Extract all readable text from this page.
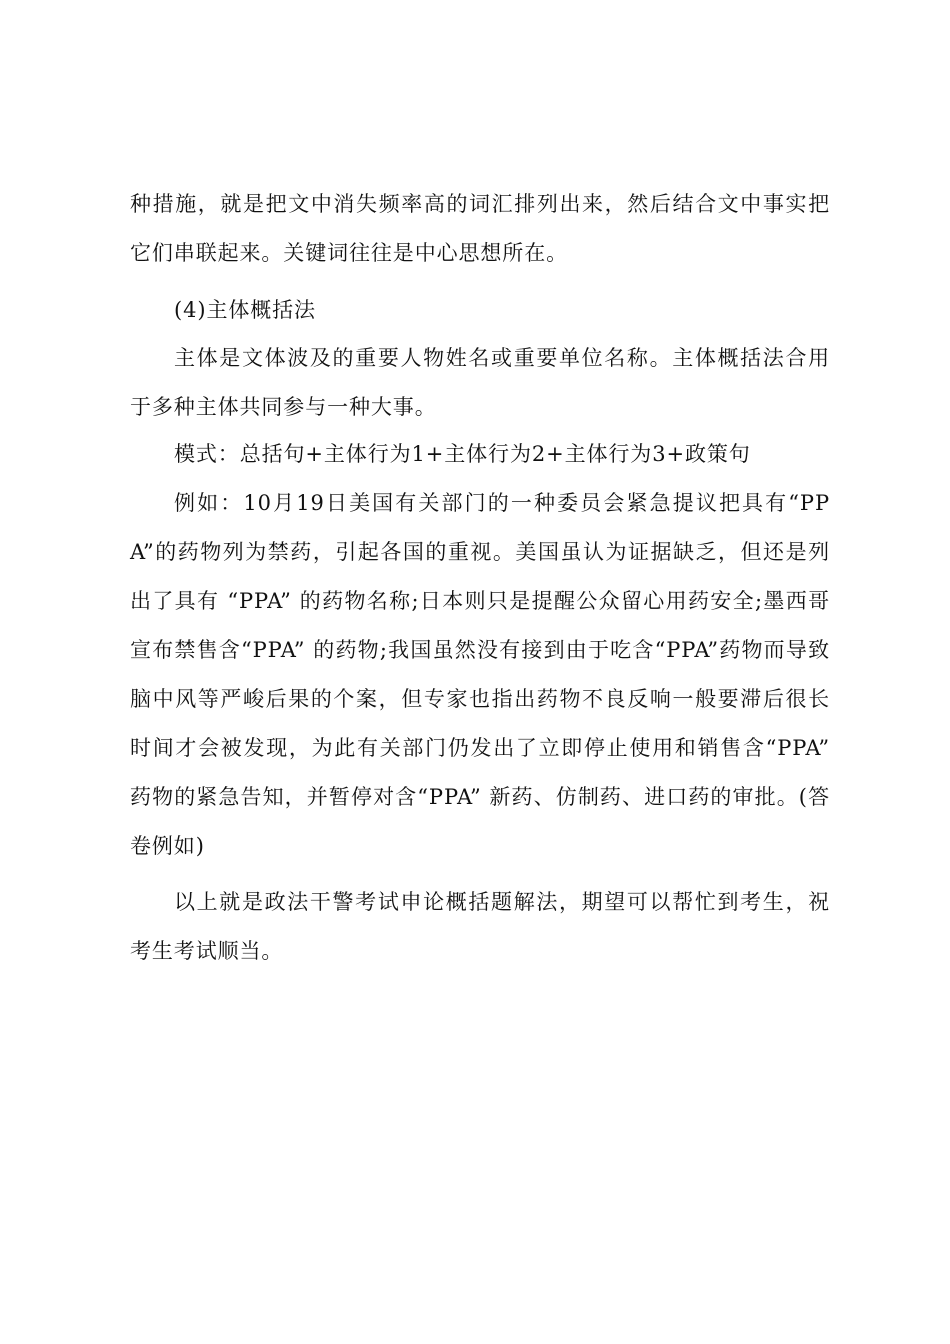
种措施，就是把文中消失频率高的词汇排列出来，然后结合文中事实把它们串联起来。关键词往往是中心思想所在。
(4)主体概括法
主体是文体波及的重要人物姓名或重要单位名称。主体概括法合用于多种主体共同参与一种大事。
模式：总括句+主体行为1+主体行为2+主体行为3+政策句
例如：10月19日美国有关部门的一种委员会紧急提议把具有“PPA”的药物列为禁药，引起各国的重视。美国虽认为证据缺乏，但还是列出了具有 “PPA” 的药物名称;日本则只是提醒公众留心用药安全;墨西哥宣布禁售含“PPA” 的药物;我国虽然没有接到由于吃含“PPA”药物而导致脑中风等严峻后果的个案，但专家也指出药物不良反响一般要滞后很长时间才会被发现，为此有关部门仍发出了立即停止使用和销售含“PPA” 药物的紧急告知，并暂停对含“PPA” 新药、仿制药、进口药的审批。(答卷例如)
以上就是政法干警考试申论概括题解法，期望可以帮忙到考生，祝考生考试顺当。
